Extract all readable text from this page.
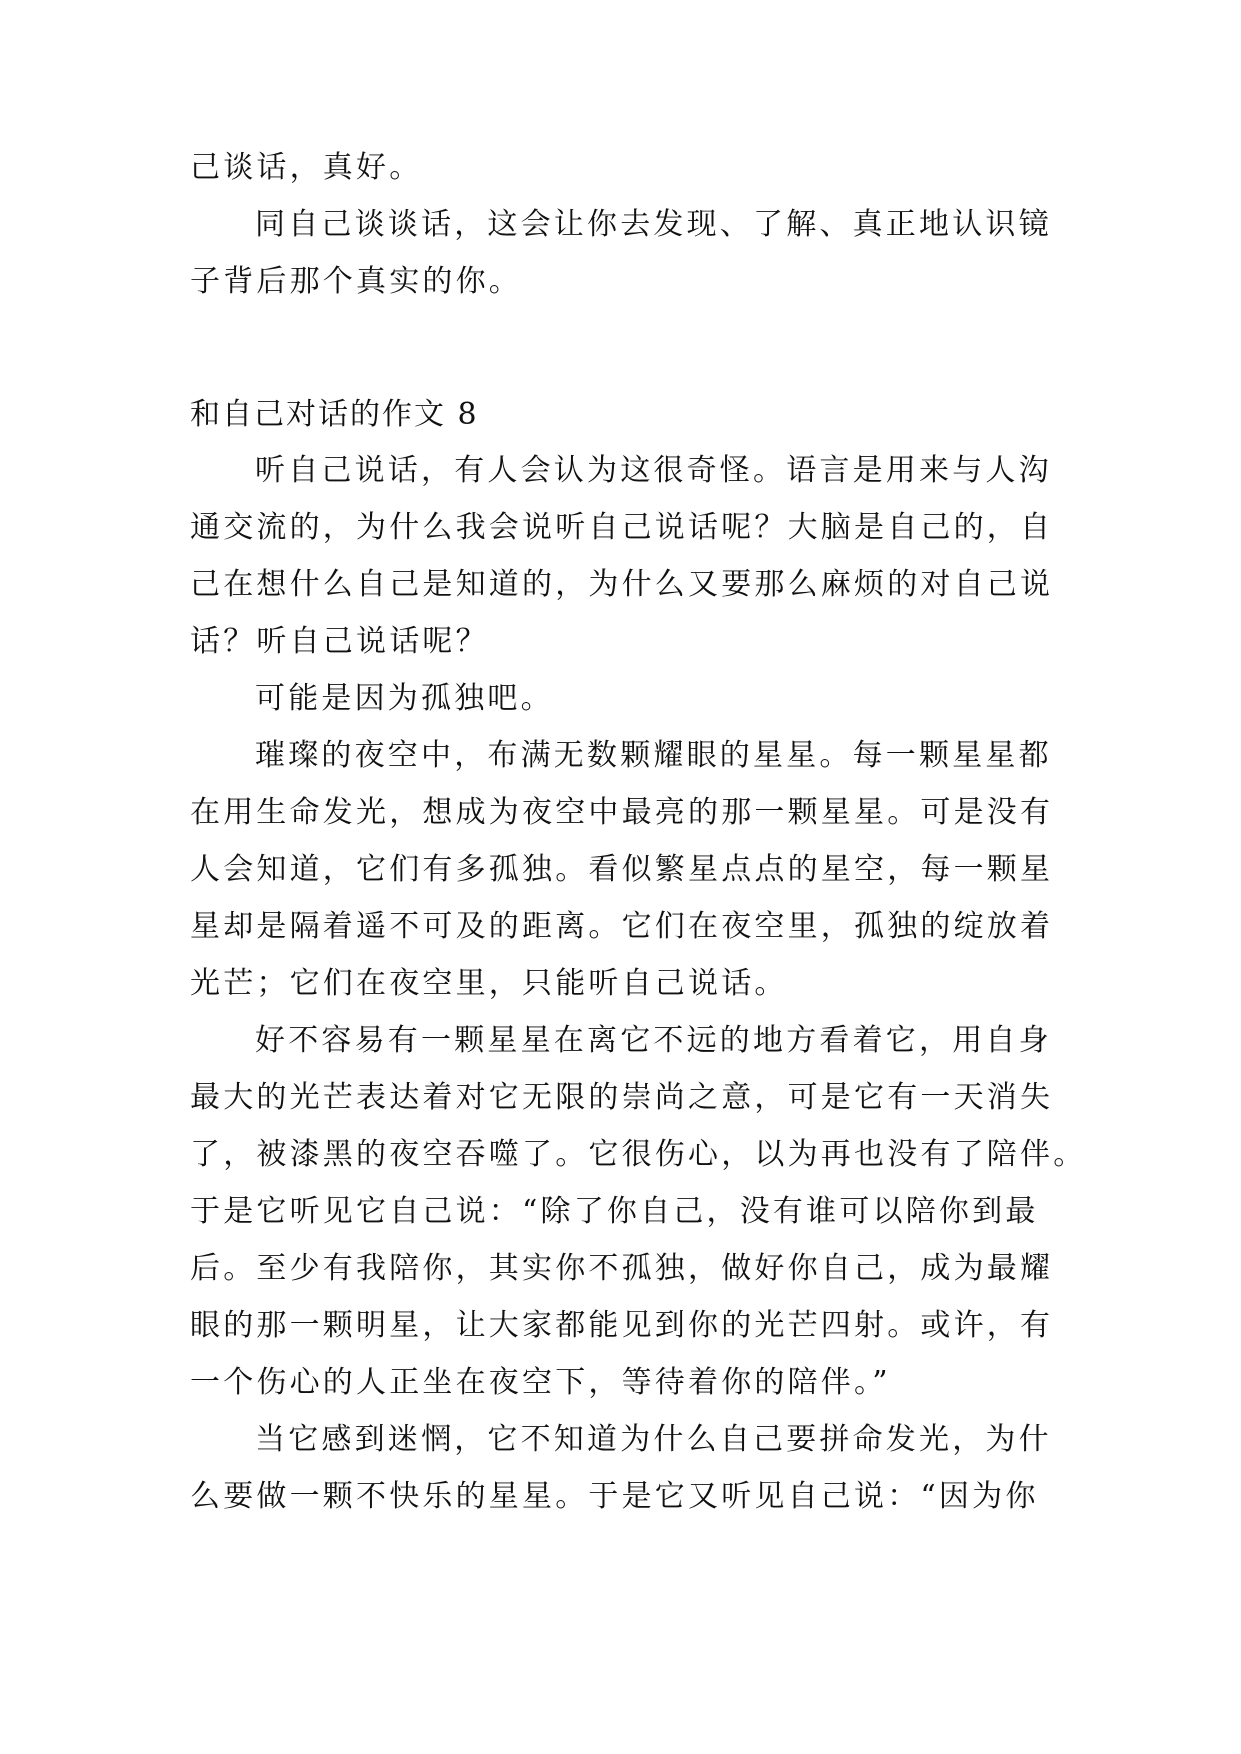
己谈话，真好。

同自己谈谈话，这会让你去发现、了解、真正地认识镜

子背后那个真实的你。

和自己对话的作文 8

听自己说话，有人会认为这很奇怪。语言是用来与人沟

通交流的，为什么我会说听自己说话呢？大脑是自己的，自

己在想什么自己是知道的，为什么又要那么麻烦的对自己说

话？听自己说话呢？

可能是因为孤独吧。

璀璨的夜空中，布满无数颗耀眼的星星。每一颗星星都

在用生命发光，想成为夜空中最亮的那一颗星星。可是没有

人会知道，它们有多孤独。看似繁星点点的星空，每一颗星

星却是隔着遥不可及的距离。它们在夜空里，孤独的绽放着

光芒；它们在夜空里，只能听自己说话。

好不容易有一颗星星在离它不远的地方看着它，用自身

最大的光芒表达着对它无限的崇尚之意，可是它有一天消失

了，被漆黑的夜空吞噬了。它很伤心，以为再也没有了陪伴。

于是它听见它自己说：“除了你自己，没有谁可以陪你到最

后。至少有我陪你，其实你不孤独，做好你自己，成为最耀

眼的那一颗明星，让大家都能见到你的光芒四射。或许，有

一个伤心的人正坐在夜空下，等待着你的陪伴。”

当它感到迷惘，它不知道为什么自己要拼命发光，为什

么要做一颗不快乐的星星。于是它又听见自己说：“因为你
